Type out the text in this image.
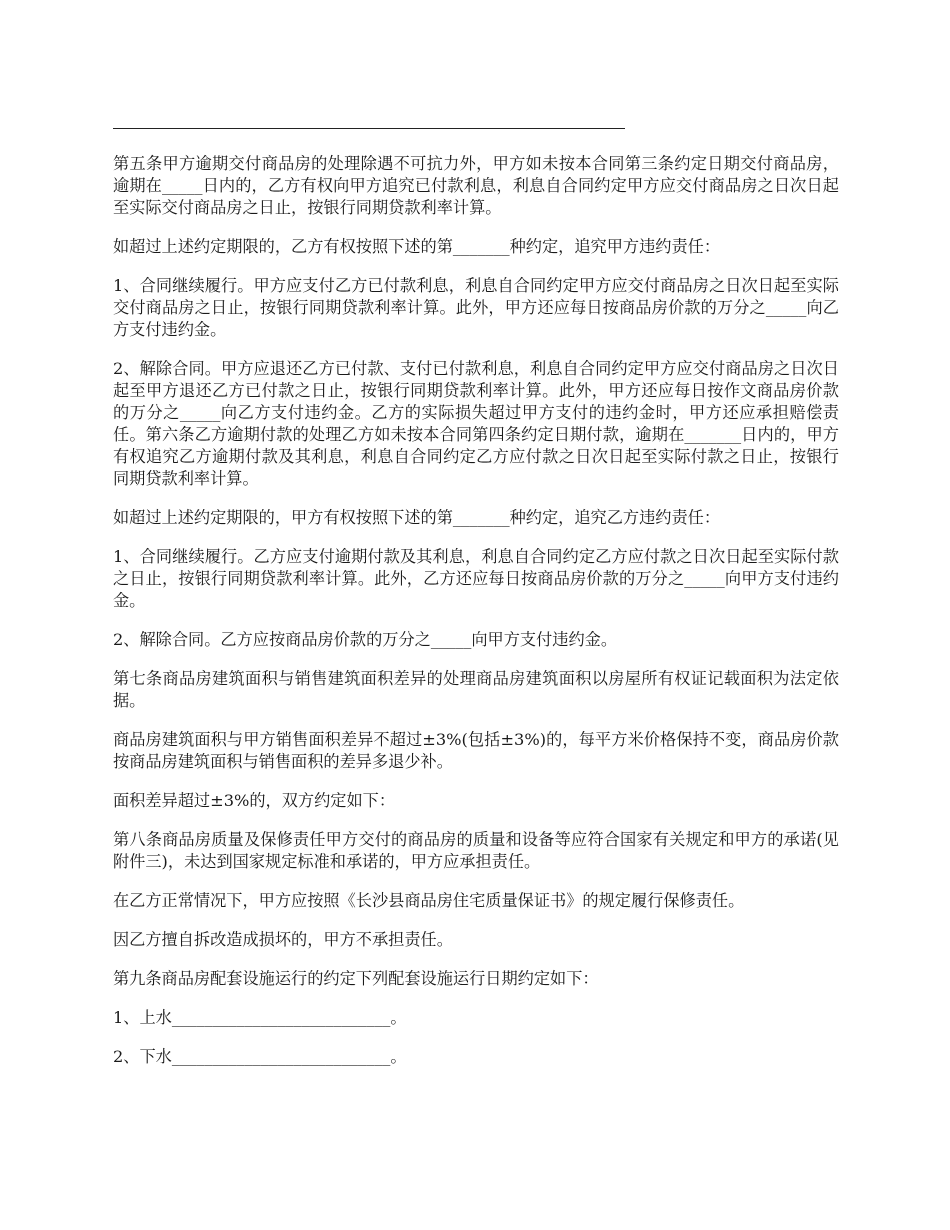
第五条甲方逾期交付商品房的处理除遇不可抗力外，甲方如未按本合同第三条约定日期交付商品房，逾期在_____日内的，乙方有权向甲方追究已付款利息，利息自合同约定甲方应交付商品房之日次日起至实际交付商品房之日止，按银行同期贷款利率计算。

如超过上述约定期限的，乙方有权按照下述的第_______种约定，追究甲方违约责任：

1、合同继续履行。甲方应支付乙方已付款利息，利息自合同约定甲方应交付商品房之日次日起至实际交付商品房之日止，按银行同期贷款利率计算。此外，甲方还应每日按商品房价款的万分之_____向乙方支付违约金。

2、解除合同。甲方应退还乙方已付款、支付已付款利息，利息自合同约定甲方应交付商品房之日次日起至甲方退还乙方已付款之日止，按银行同期贷款利率计算。此外，甲方还应每日按作文商品房价款的万分之_____向乙方支付违约金。乙方的实际损失超过甲方支付的违约金时，甲方还应承担赔偿责任。第六条乙方逾期付款的处理乙方如未按本合同第四条约定日期付款，逾期在_______日内的，甲方有权追究乙方逾期付款及其利息，利息自合同约定乙方应付款之日次日起至实际付款之日止，按银行同期贷款利率计算。

如超过上述约定期限的，甲方有权按照下述的第_______种约定，追究乙方违约责任：

1、合同继续履行。乙方应支付逾期付款及其利息，利息自合同约定乙方应付款之日次日起至实际付款之日止，按银行同期贷款利率计算。此外，乙方还应每日按商品房价款的万分之_____向甲方支付违约金。

2、解除合同。乙方应按商品房价款的万分之_____向甲方支付违约金。

第七条商品房建筑面积与销售建筑面积差异的处理商品房建筑面积以房屋所有权证记载面积为法定依据。

商品房建筑面积与甲方销售面积差异不超过±3%(包括±3%)的，每平方米价格保持不变，商品房价款按商品房建筑面积与销售面积的差异多退少补。

面积差异超过±3%的，双方约定如下：

第八条商品房质量及保修责任甲方交付的商品房的质量和设备等应符合国家有关规定和甲方的承诺(见附件三)，未达到国家规定标准和承诺的，甲方应承担责任。

在乙方正常情况下，甲方应按照《长沙县商品房住宅质量保证书》的规定履行保修责任。

因乙方擅自拆改造成损坏的，甲方不承担责任。

第九条商品房配套设施运行的约定下列配套设施运行日期约定如下：

1、上水___________________________。

2、下水___________________________。
